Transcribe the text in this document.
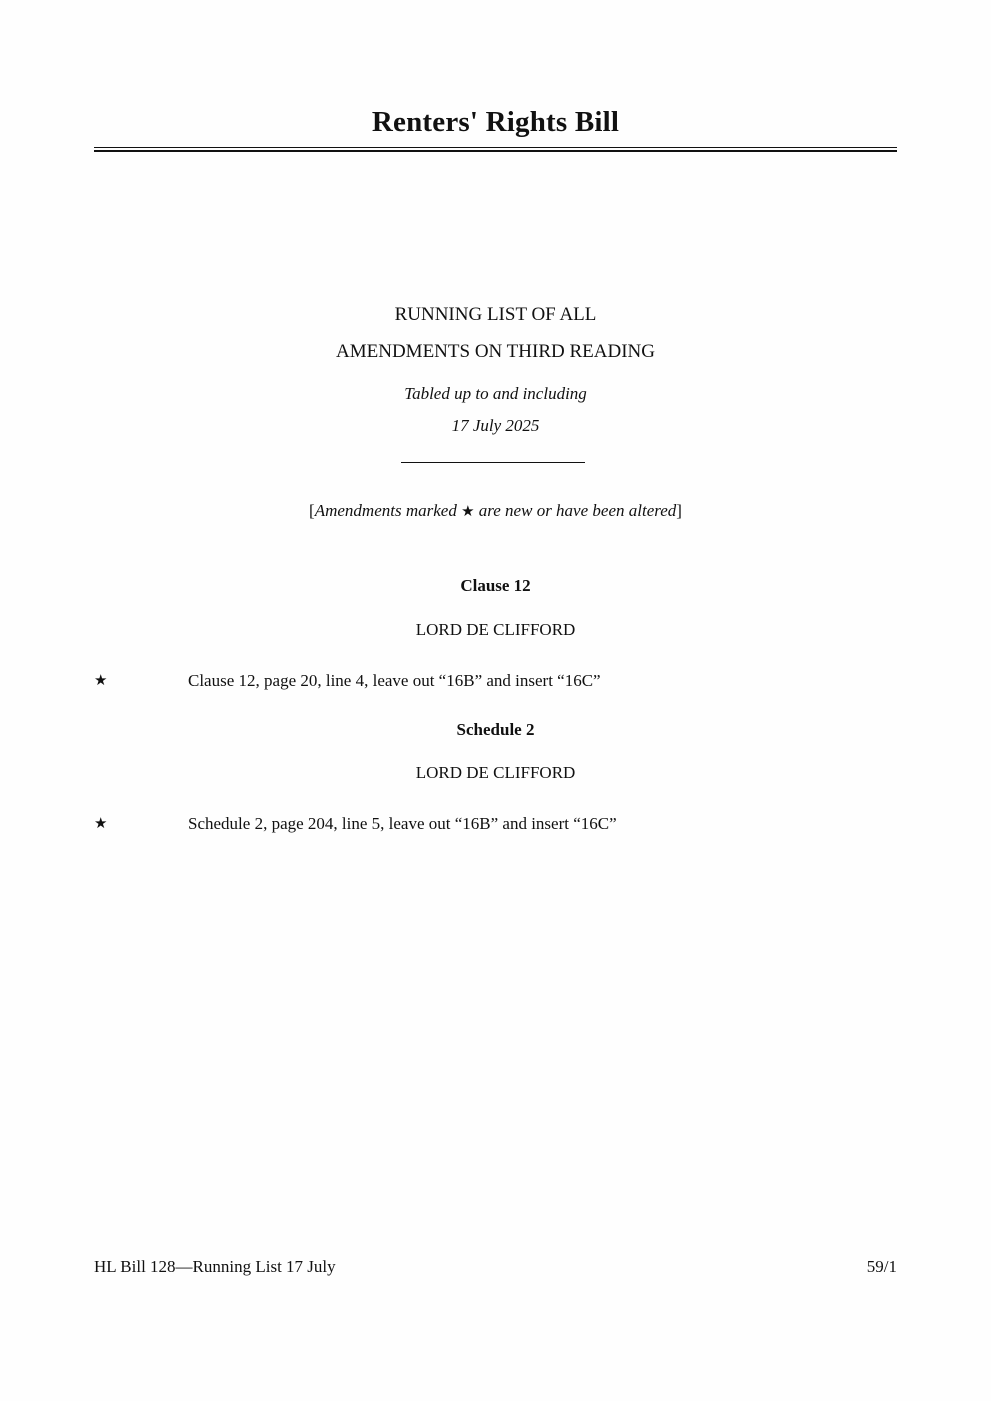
Renters' Rights Bill
RUNNING LIST OF ALL
AMENDMENTS ON THIRD READING
Tabled up to and including
17 July 2025
[Amendments marked ★ are new or have been altered]
Clause 12
LORD DE CLIFFORD
★	Clause 12, page 20, line 4, leave out “16B” and insert “16C”
Schedule 2
LORD DE CLIFFORD
★	Schedule 2, page 204, line 5, leave out “16B” and insert “16C”
HL Bill 128—Running List 17 July	59/1
